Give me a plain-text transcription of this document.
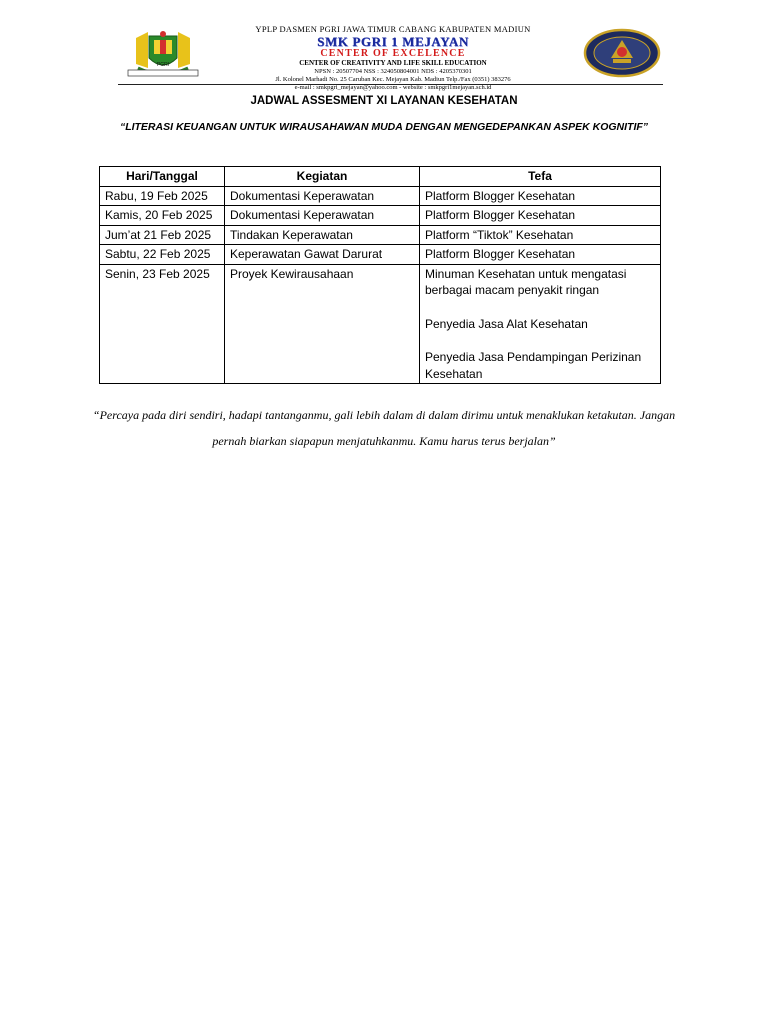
PGRI
YPLP DASMEN PGRI JAWA TIMUR CABANG KABUPATEN MADIUN
SMK PGRI 1 MEJAYAN
CENTER OF EXCELENCE
CENTER OF CREATIVITY AND LIFE SKILL EDUCATION
NPSN : 20507704 NSS : 324050804001 NDS : 4205370301
Jl. Kolonel Marhadi No. 25 Caruban Kec. Mejayan Kab. Madiun Telp./Fax (0351) 383276
e-mail : smkpgri_mejayan@yahoo.com - website : smkpgri1mejayan.sch.id
JADWAL ASSESMENT XI LAYANAN KESEHATAN
“LITERASI KEUANGAN UNTUK WIRAUSAHAWAN MUDA DENGAN MENGEDEPANKAN ASPEK KOGNITIF”
Hari/Tanggal	Kegiatan	Tefa
Rabu, 19 Feb 2025	Dokumentasi Keperawatan	Platform Blogger Kesehatan

Kamis, 20 Feb 2025	Dokumentasi Keperawatan	Platform Blogger Kesehatan

Jum’at 21 Feb 2025	Tindakan Keperawatan	Platform “Tiktok” Kesehatan

Sabtu, 22 Feb 2025	Keperawatan Gawat Darurat	Platform Blogger Kesehatan

Senin, 23 Feb 2025	Proyek Kewirausahaan	Minuman Kesehatan untuk mengatasi berbagai macam penyakit ringan
Penyedia Jasa Alat Kesehatan
Penyedia Jasa Pendampingan Perizinan Kesehatan
“Percaya pada diri sendiri, hadapi tantanganmu, gali lebih dalam di dalam dirimu untuk menaklukan ketakutan. Jangan pernah biarkan siapapun menjatuhkanmu. Kamu harus terus berjalan”
